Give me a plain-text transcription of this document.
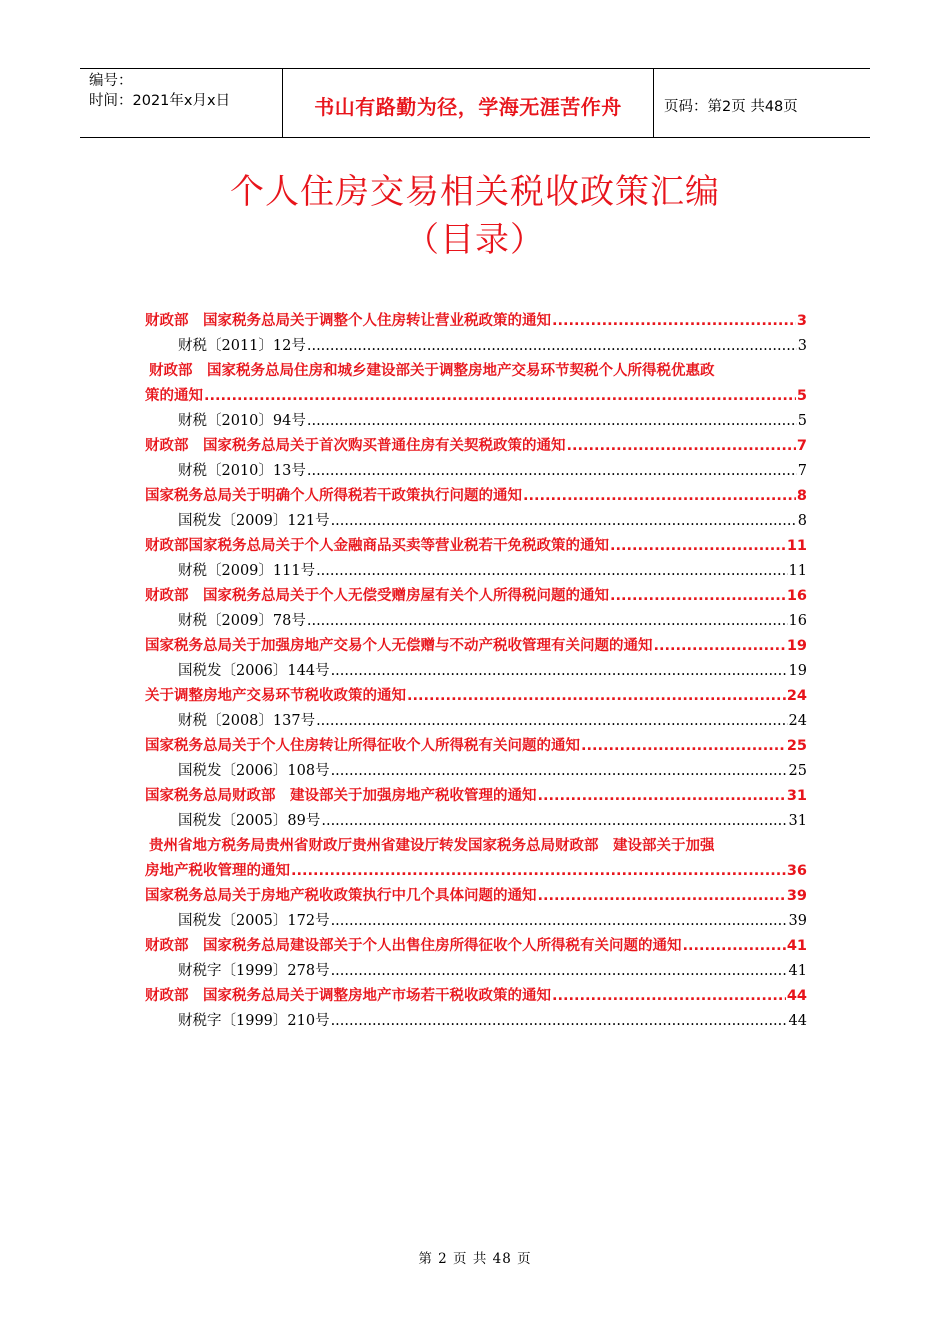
编号：
时间：2021年x月x日	书山有路勤为径，学海无涯苦作舟	页码：第2页 共48页
个人住房交易相关税收政策汇编
（目录）
财政部　国家税务总局关于调整个人住房转让营业税政策的通知 .....	3
财税〔2011〕12号 .....	3
财政部　国家税务总局住房和城乡建设部关于调整房地产交易环节契税个人所得税优惠政
策的通知 .....	5
财税〔2010〕94号 .....	5
财政部　国家税务总局关于首次购买普通住房有关契税政策的通知 .....	7
财税〔2010〕13号 .....	7
国家税务总局关于明确个人所得税若干政策执行问题的通知 .....	8
国税发〔2009〕121号 .....	8
财政部国家税务总局关于个人金融商品买卖等营业税若干免税政策的通知 .....	11
财税〔2009〕111号 .....	11
财政部　国家税务总局关于个人无偿受赠房屋有关个人所得税问题的通知 .....	16
财税〔2009〕78号 .....	16
国家税务总局关于加强房地产交易个人无偿赠与不动产税收管理有关问题的通知 .....	19
国税发〔2006〕144号 .....	19
关于调整房地产交易环节税收政策的通知 .....	24
财税〔2008〕137号 .....	24
国家税务总局关于个人住房转让所得征收个人所得税有关问题的通知 .....	25
国税发〔2006〕108号 .....	25
国家税务总局财政部　建设部关于加强房地产税收管理的通知 .....	31
国税发〔2005〕89号 .....	31
贵州省地方税务局贵州省财政厅贵州省建设厅转发国家税务总局财政部　建设部关于加强
房地产税收管理的通知 .....	36
国家税务总局关于房地产税收政策执行中几个具体问题的通知 .....	39
国税发〔2005〕172号 .....	39
财政部　国家税务总局建设部关于个人出售住房所得征收个人所得税有关问题的通知 .....	41
财税字〔1999〕278号 .....	41
财政部　国家税务总局关于调整房地产市场若干税收政策的通知 .....	44
财税字〔1999〕210号 .....	44
第 2 页 共 48 页
